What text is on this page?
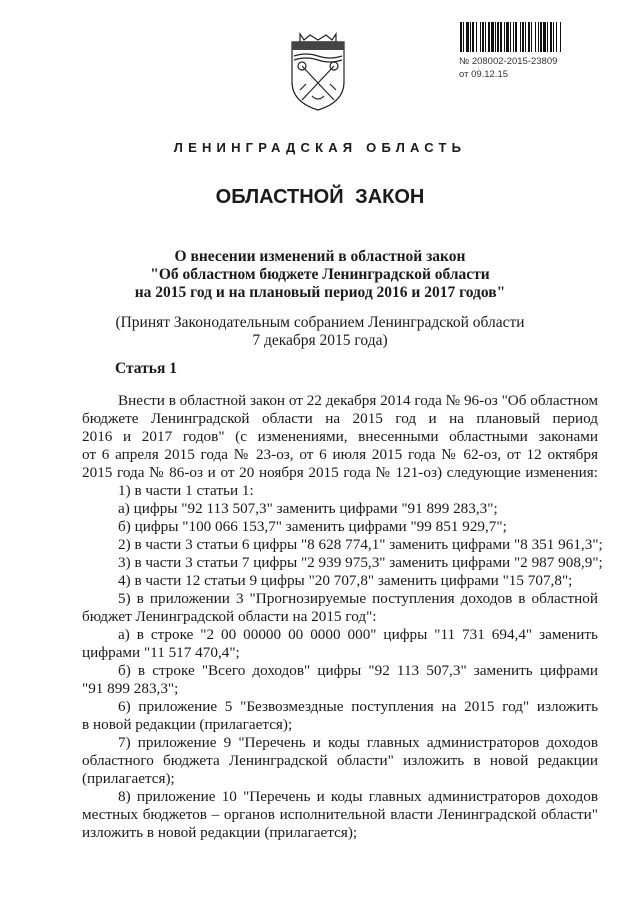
№ 208002-2015-23809
от 09.12.15
ЛЕНИНГРАДСКАЯ ОБЛАСТЬ
ОБЛАСТНОЙ ЗАКОН
О внесении изменений в областной закон
"Об областном бюджете Ленинградской области
на 2015 год и на плановый период 2016 и 2017 годов"
(Принят Законодательным собранием Ленинградской области
7 декабря 2015 года)
Статья 1
Внести в областной закон от 22 декабря 2014 года № 96-оз "Об областном
бюджете Ленинградской области на 2015 год и на плановый период
2016 и 2017 годов" (с изменениями, внесенными областными законами
от 6 апреля 2015 года № 23-оз, от 6 июля 2015 года № 62-оз, от 12 октября
2015 года № 86-оз и от 20 ноября 2015 года № 121-оз) следующие изменения:
1) в части 1 статьи 1:
а) цифры "92 113 507,3" заменить цифрами "91 899 283,3";
б) цифры "100 066 153,7" заменить цифрами "99 851 929,7";
2) в части 3 статьи 6 цифры "8 628 774,1" заменить цифрами "8 351 961,3";
3) в части 3 статьи 7 цифры "2 939 975,3" заменить цифрами "2 987 908,9";
4) в части 12 статьи 9 цифры "20 707,8" заменить цифрами "15 707,8";
5) в приложении 3 "Прогнозируемые поступления доходов в областной
бюджет Ленинградской области на 2015 год":
а) в строке "2 00 00000 00 0000 000" цифры "11 731 694,4" заменить
цифрами "11 517 470,4";
б) в строке "Всего доходов" цифры "92 113 507,3" заменить цифрами
"91 899 283,3";
6) приложение 5 "Безвозмездные поступления на 2015 год" изложить
в новой редакции (прилагается);
7) приложение 9 "Перечень и коды главных администраторов доходов
областного бюджета Ленинградской области" изложить в новой редакции
(прилагается);
8) приложение 10 "Перечень и коды главных администраторов доходов
местных бюджетов – органов исполнительной власти Ленинградской области"
изложить в новой редакции (прилагается);
